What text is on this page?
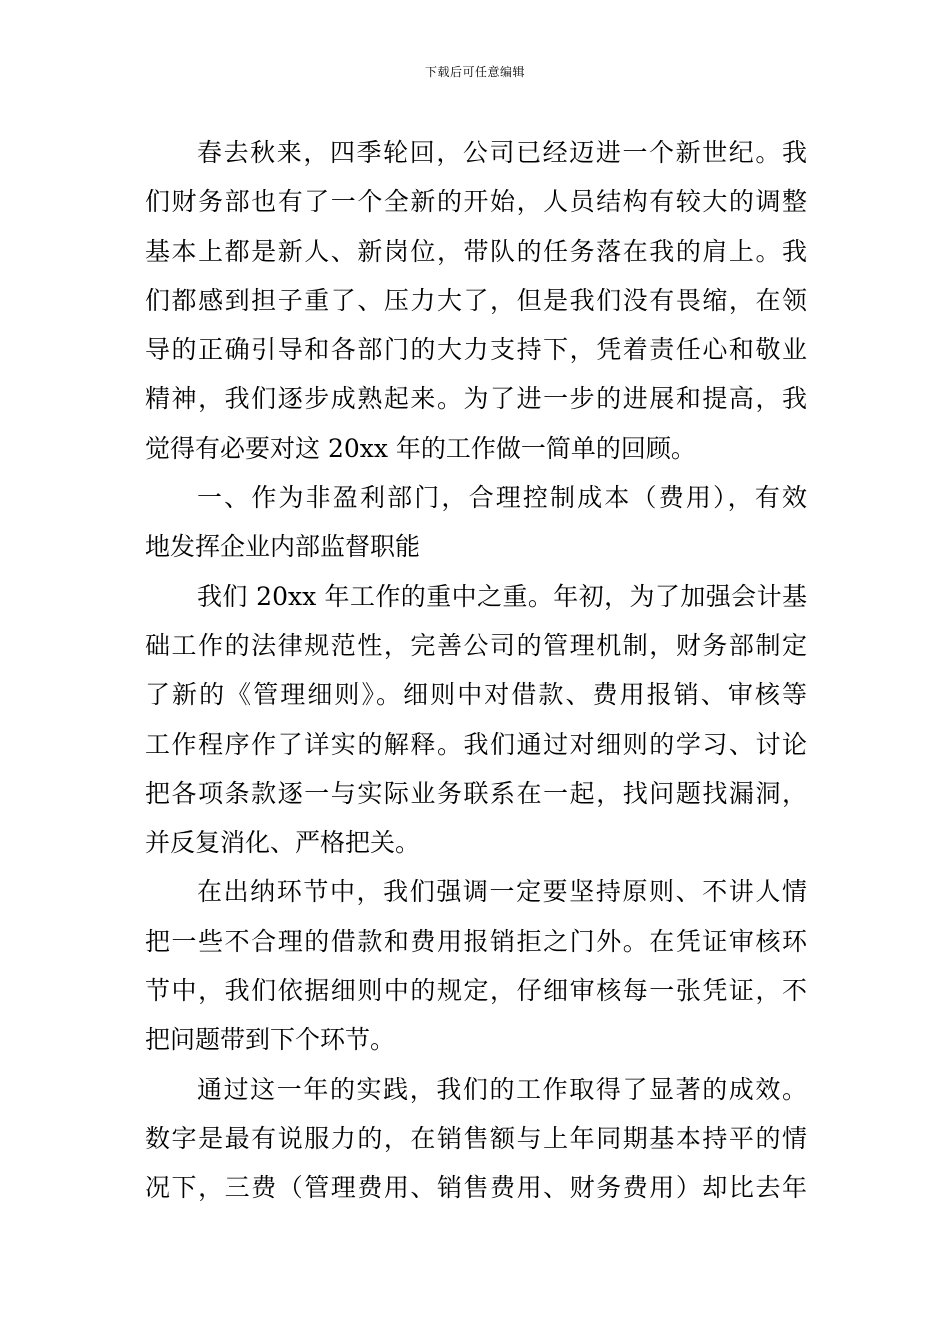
下载后可任意编辑
春去秋来，四季轮回，公司已经迈进一个新世纪。我
们财务部也有了一个全新的开始，人员结构有较大的调整
基本上都是新人、新岗位，带队的任务落在我的肩上。我
们都感到担子重了、压力大了，但是我们没有畏缩，在领
导的正确引导和各部门的大力支持下，凭着责任心和敬业
精神，我们逐步成熟起来。为了进一步的进展和提高，我
觉得有必要对这 20xx 年的工作做一简单的回顾。
一、作为非盈利部门，合理控制成本（费用），有效
地发挥企业内部监督职能
我们 20xx 年工作的重中之重。年初，为了加强会计基
础工作的法律规范性，完善公司的管理机制，财务部制定
了新的《管理细则》。细则中对借款、费用报销、审核等
工作程序作了详实的解释。我们通过对细则的学习、讨论
把各项条款逐一与实际业务联系在一起，找问题找漏洞，
并反复消化、严格把关。
在出纳环节中，我们强调一定要坚持原则、不讲人情
把一些不合理的借款和费用报销拒之门外。在凭证审核环
节中，我们依据细则中的规定，仔细审核每一张凭证，不
把问题带到下个环节。
通过这一年的实践，我们的工作取得了显著的成效。
数字是最有说服力的，在销售额与上年同期基本持平的情
况下，三费（管理费用、销售费用、财务费用）却比去年
